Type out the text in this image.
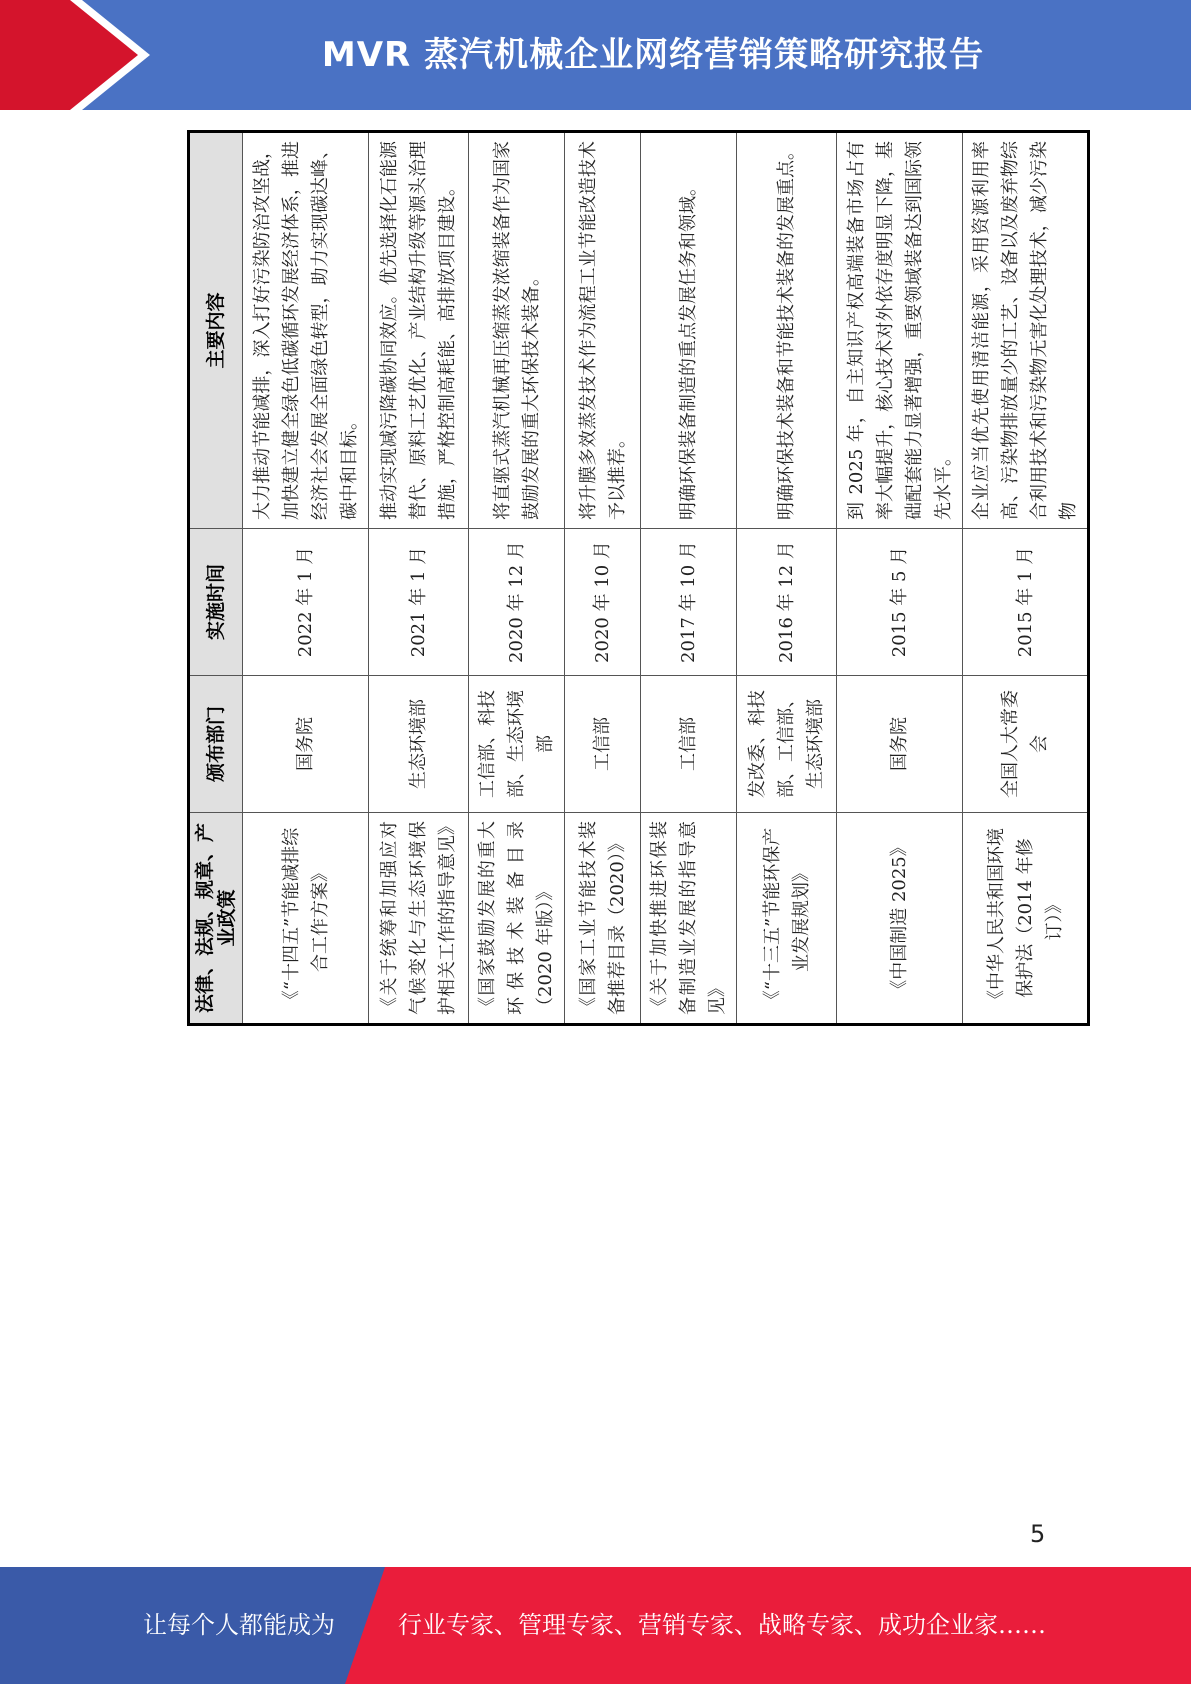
MVR 蒸汽机械企业网络营销策略研究报告
法律、法规、规章、产业政策	颁布部门	实施时间	主要内容
《“十四五”节能减排综合工作方案》	国务院	2022 年 1 月	大力推动节能减排，深入打好污染防治攻坚战，加快建立健全绿色低碳循环发展经济体系，推进经济社会发展全面绿色转型，助力实现碳达峰、碳中和目标。
《关于统筹和加强应对气候变化与生态环境保护相关工作的指导意见》	生态环境部	2021 年 1 月	推动实现减污降碳协同效应。优先选择化石能源替代、原料工艺优化、产业结构升级等源头治理措施，严格控制高耗能、高排放项目建设。
《国家鼓励发展的重大环保技术装备目录（2020 年版）》	工信部、科技部、生态环境部	2020 年 12 月	将直驱式蒸汽机械再压缩蒸发浓缩装备作为国家鼓励发展的重大环保技术装备。
《国家工业节能技术装备推荐目录（2020）》	工信部	2020 年 10 月	将升膜多效蒸发技术作为流程工业节能改造技术予以推荐。
《关于加快推进环保装备制造业发展的指导意见》	工信部	2017 年 10 月	明确环保装备制造的重点发展任务和领域。
《“十三五”节能环保产业发展规划》	发改委、科技部、工信部、生态环境部	2016 年 12 月	明确环保技术装备和节能技术装备的发展重点。
《中国制造 2025》	国务院	2015 年 5 月	到 2025 年，自主知识产权高端装备市场占有率大幅提升，核心技术对外依存度明显下降，基础配套能力显著增强，重要领域装备达到国际领先水平。
《中华人民共和国环境保护法（2014 年修订）》	全国人大常委会	2015 年 1 月	企业应当优先使用清洁能源，采用资源利用率高、污染物排放量少的工艺、设备以及废弃物综合利用技术和污染物无害化处理技术，减少污染物
5
让每个人都能成为	行业专家、管理专家、营销专家、战略专家、成功企业家……
